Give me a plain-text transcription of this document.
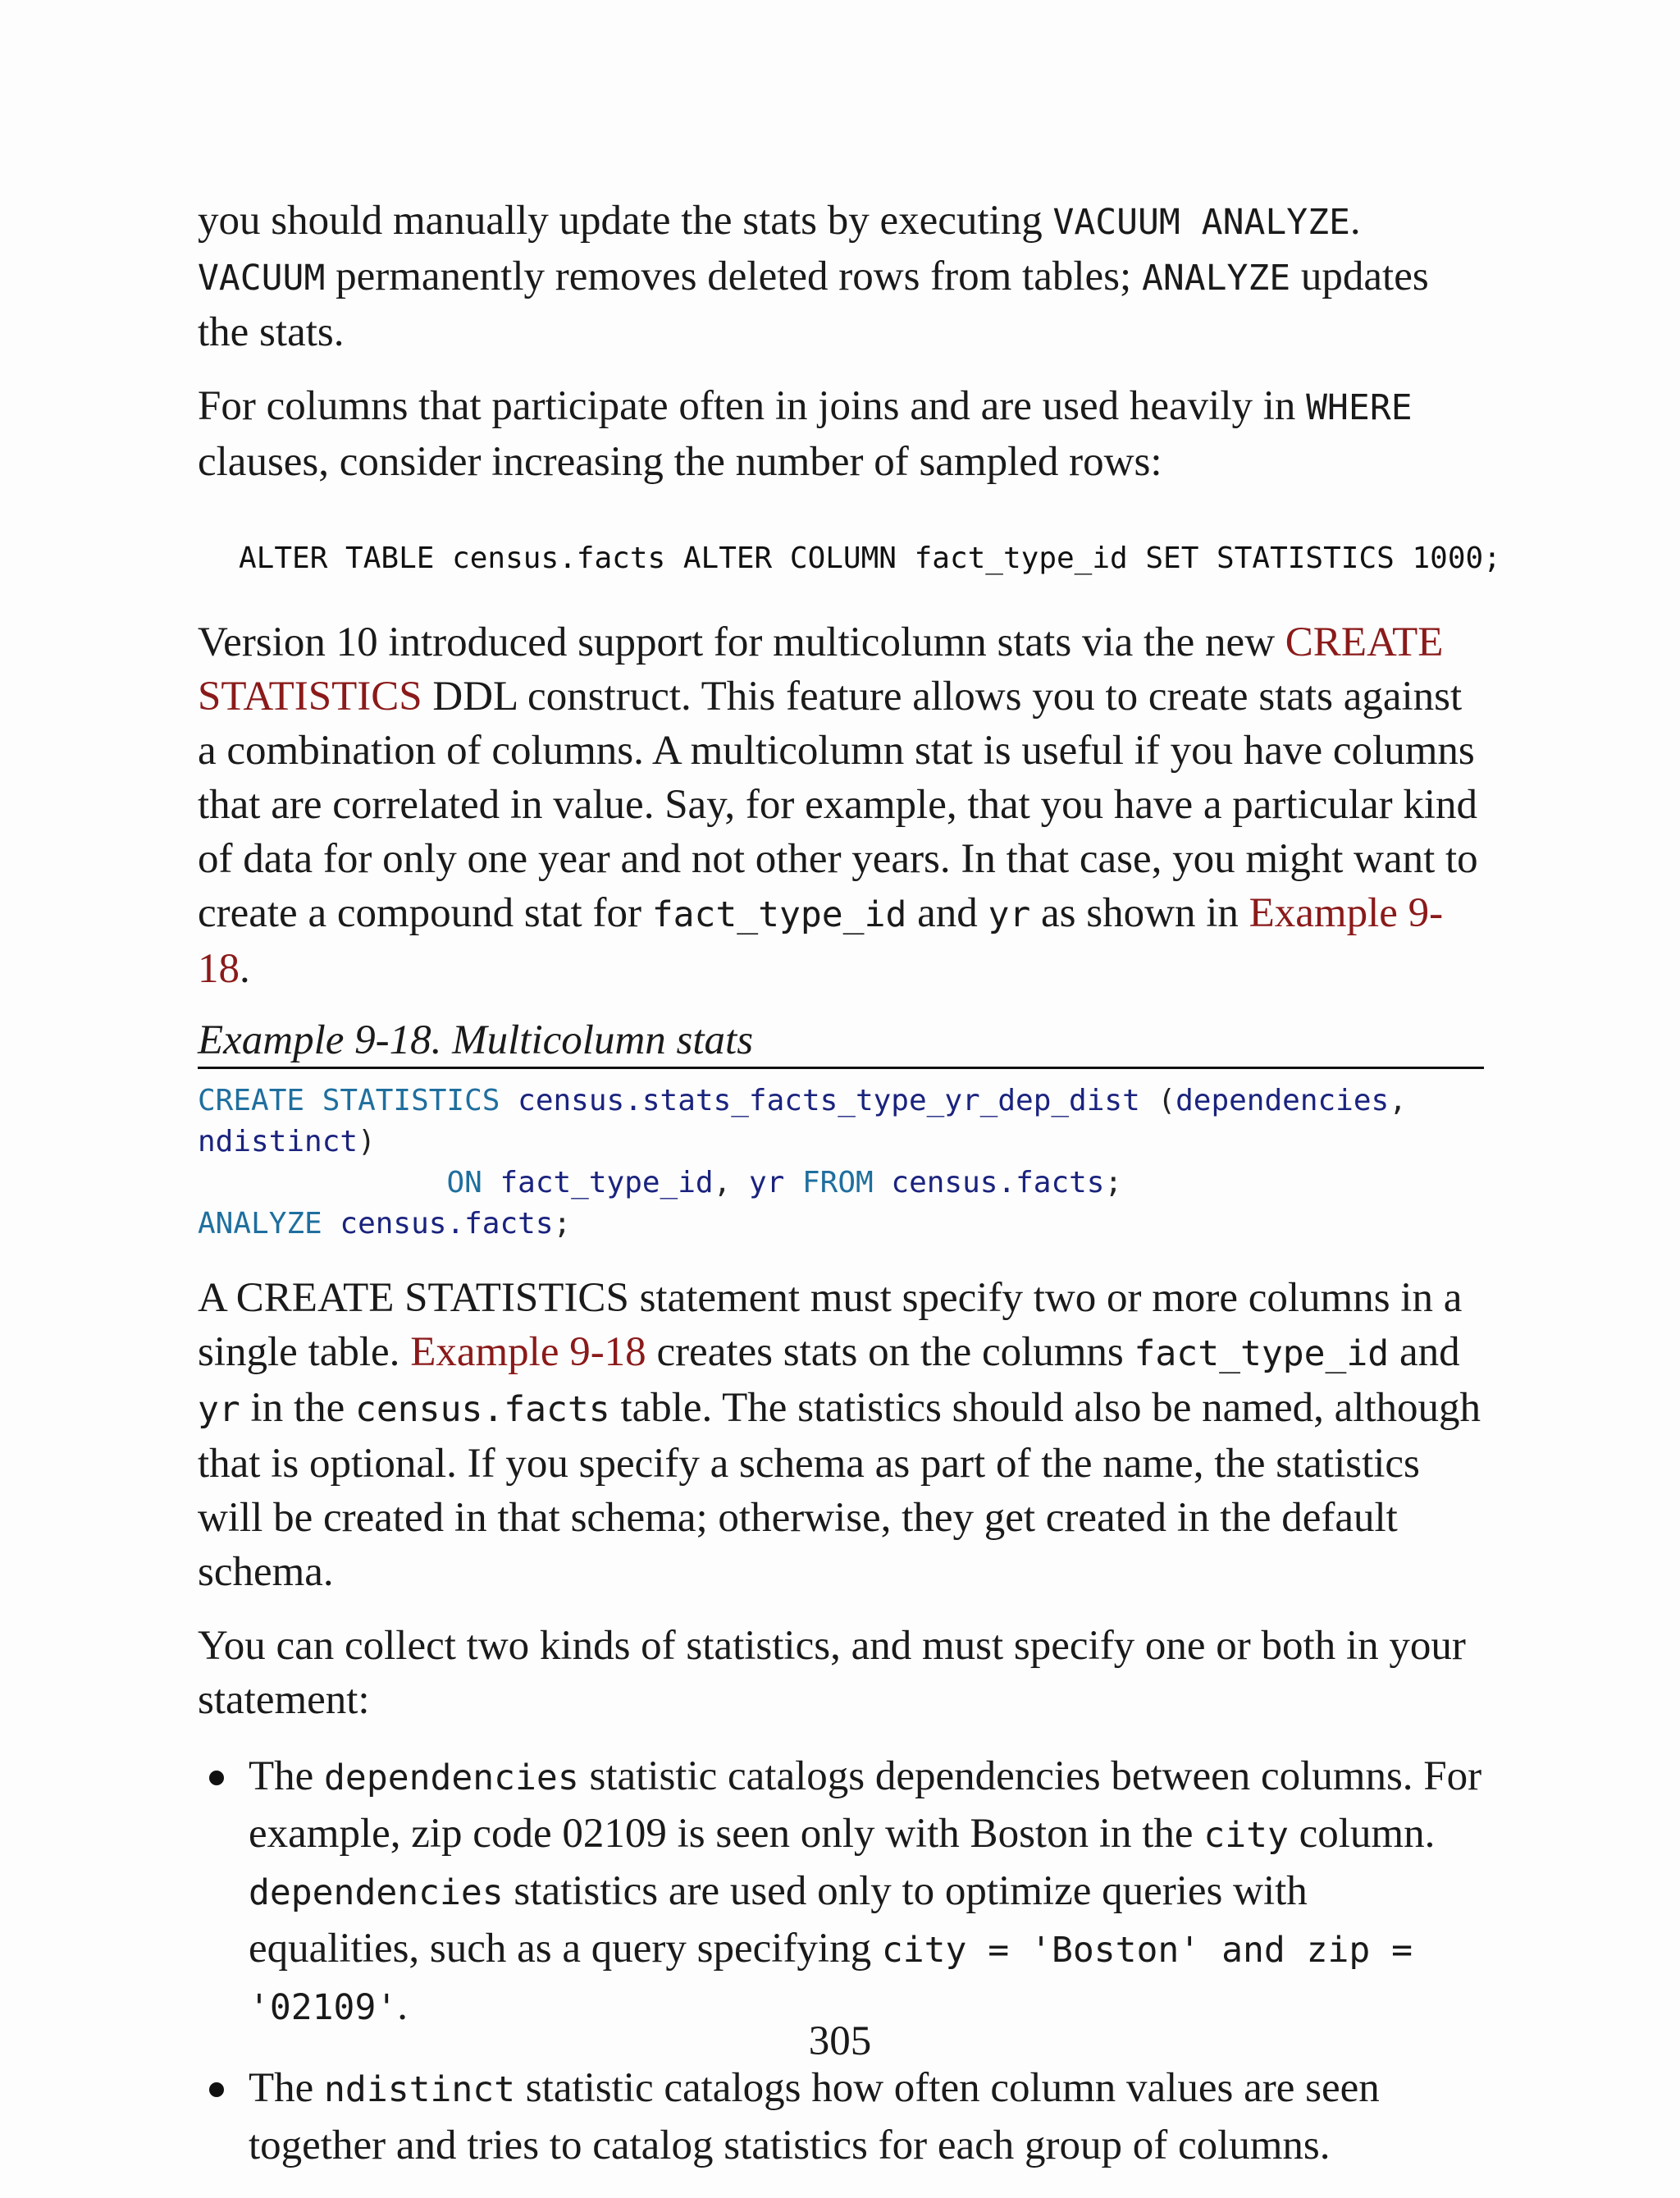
you should manually update the stats by executing VACUUM ANALYZE. VACUUM permanently removes deleted rows from tables; ANALYZE updates the stats.

For columns that participate often in joins and are used heavily in WHERE clauses, consider increasing the number of sampled rows:

ALTER TABLE census.facts ALTER COLUMN fact_type_id SET STATISTICS 1000;

Version 10 introduced support for multicolumn stats via the new CREATE STATISTICS DDL construct. This feature allows you to create stats against a combination of columns. A multicolumn stat is useful if you have columns that are correlated in value. Say, for example, that you have a particular kind of data for only one year and not other years. In that case, you might want to create a compound stat for fact_type_id and yr as shown in Example 9-18.

Example 9-18. Multicolumn stats
CREATE STATISTICS census.stats_facts_type_yr_dep_dist (dependencies,
ndistinct)
ON fact_type_id, yr FROM census.facts;
ANALYZE census.facts;

A CREATE STATISTICS statement must specify two or more columns in a single table. Example 9-18 creates stats on the columns fact_type_id and yr in the census.facts table. The statistics should also be named, although that is optional. If you specify a schema as part of the name, the statistics will be created in that schema; otherwise, they get created in the default schema.

You can collect two kinds of statistics, and must specify one or both in your statement:

The dependencies statistic catalogs dependencies between columns. For example, zip code 02109 is seen only with Boston in the city column. dependencies statistics are used only to optimize queries with equalities, such as a query specifying city = 'Boston' and zip = '02109'.
The ndistinct statistic catalogs how often column values are seen together and tries to catalog statistics for each group of columns.
305
